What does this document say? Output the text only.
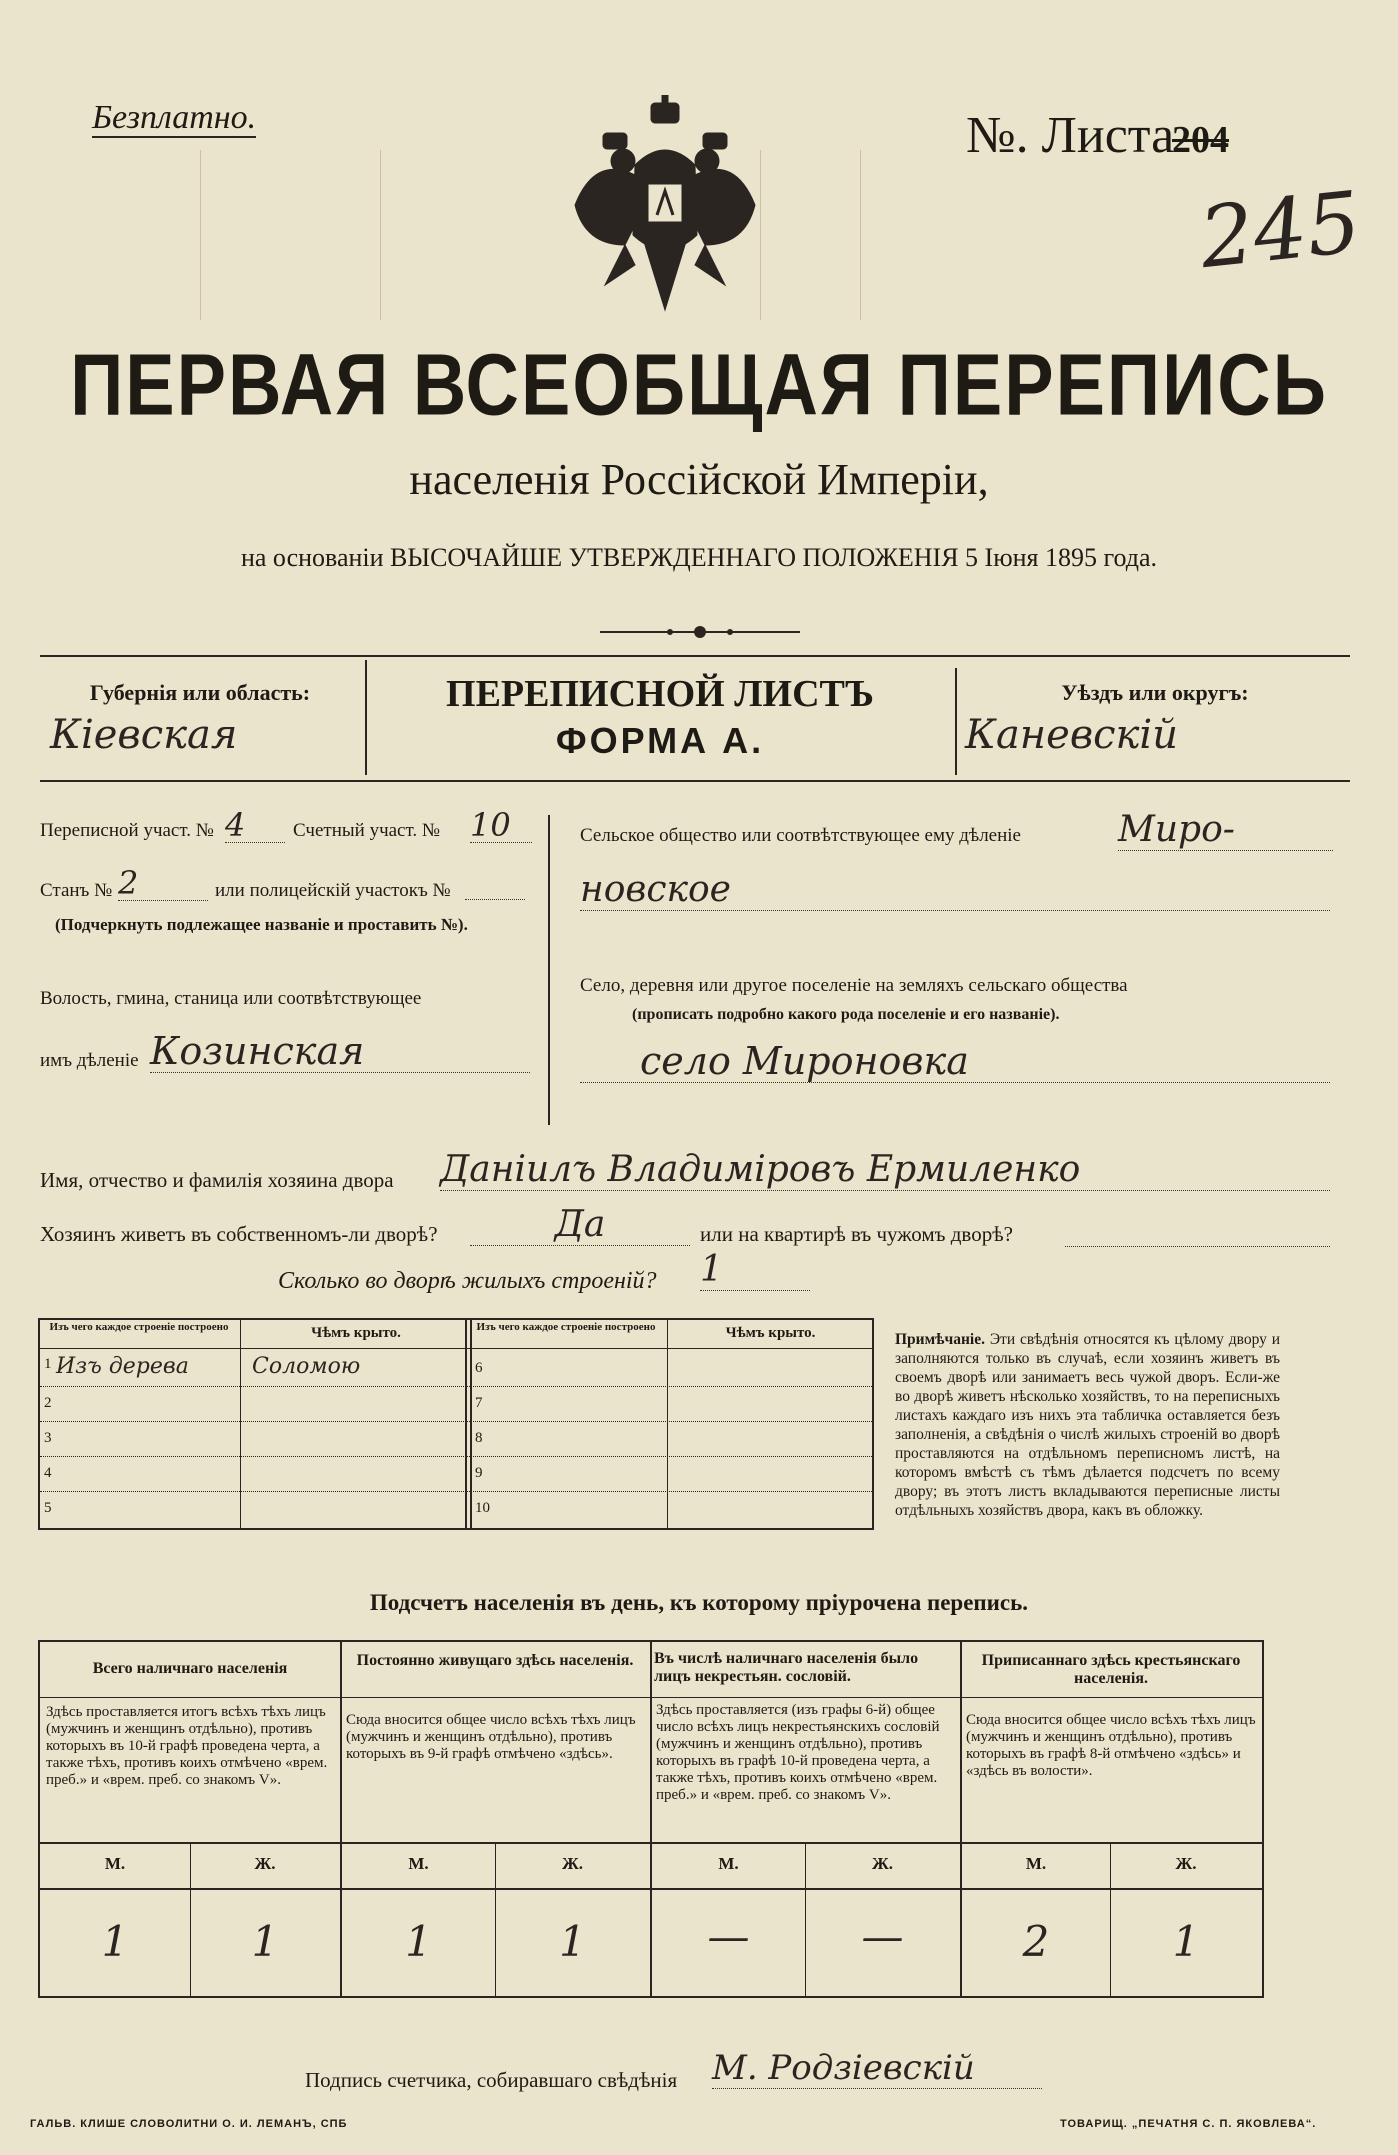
Безплатно.	№. Листа
204
245
ПЕРВАЯ ВСЕОБЩАЯ ПЕРЕПИСЬ
населенія Россійской Имперіи,
на основаніи ВЫСОЧАЙШЕ УТВЕРЖДЕННАГО ПОЛОЖЕНІЯ 5 Іюня 1895 года.
Губернія или область:
Кіевская
ПЕРЕПИСНОЙ ЛИСТЪ
ФОРМА А.
Уѣздъ или округъ:
Каневскій
Переписной участ. № 4	Счетный участ. № 10
Станъ № 2	или полицейскій участокъ №
(Подчеркнуть подлежащее названіе и проставить №).
Волость, гмина, станица или соотвѣтствующее
имъ дѣленіе Козинская
Сельское общество или соотвѣтствующее ему дѣленіе	Миро-
новское
Село, деревня или другое поселеніе на земляхъ сельскаго общества
(прописать подробно какого рода поселеніе и его названіе).
село Мироновка
Имя, отчество и фамилія хозяина двора Даніилъ Владиміровъ Ермиленко
Хозяинъ живетъ въ собственномъ-ли дворѣ?	Да	или на квартирѣ въ чужомъ дворѣ?
Сколько во дворѣ жилыхъ строеній? 1
Изъ чего каждое строеніе построено	Чѣмъ крыто.
1 Изъ дерева	Соломою
2
3
4
5
Изъ чего каждое строеніе построено	Чѣмъ крыто.
6
7
8
9
10
Примѣчаніе. Эти свѣдѣнія относятся къ цѣлому двору и заполняются только въ случаѣ, если хозяинъ живетъ въ своемъ дворѣ или занимаетъ весь чужой дворъ. Если-же во дворѣ живетъ нѣсколько хозяйствъ, то на переписныхъ листахъ каждаго изъ нихъ эта табличка оставляется безъ заполненія, а свѣдѣнія о числѣ жилыхъ строеній во дворѣ проставляются на отдѣльномъ переписномъ листѣ, на которомъ вмѣстѣ съ тѣмъ дѣлается подсчетъ по всему двору; въ этотъ листъ вкладываются переписные листы отдѣльныхъ хозяйствъ двора, какъ въ обложку.
Подсчетъ населенія въ день, къ которому пріурочена перепись.
Всего наличнаго населенія
Здѣсь проставляется итогъ всѣхъ тѣхъ лицъ (мужчинъ и женщинъ отдѣльно), противъ которыхъ въ 10-й графѣ проведена черта, а также тѣхъ, противъ коихъ отмѣчено «врем. преб.» и «врем. преб. со знакомъ V».
Постоянно живущаго здѣсь населенія.
Сюда вносится общее число всѣхъ тѣхъ лицъ (мужчинъ и женщинъ отдѣльно), противъ которыхъ въ 9-й графѣ отмѣчено «здѣсь».
Въ числѣ наличнаго населенія было лицъ некрестьян. сословій.
Здѣсь проставляется (изъ графы 6-й) общее число всѣхъ лицъ некрестьянскихъ сословій (мужчинъ и женщинъ отдѣльно), противъ которыхъ въ графѣ 10-й проведена черта, а также тѣхъ, противъ коихъ отмѣчено «врем. преб.» и «врем. преб. со знакомъ V».
Приписаннаго здѣсь крестьянскаго населенія.
Сюда вносится общее число всѣхъ тѣхъ лицъ (мужчинъ и женщинъ отдѣльно), противъ которыхъ въ графѣ 8-й отмѣчено «здѣсь» и «здѣсь въ волости».
М.	Ж.	М.	Ж.	М.	Ж.	М.	Ж.
1	1	1	1	—	—	2	1
Подпись счетчика, собиравшаго свѣдѣнія М. Родзіевскій
ГАЛЬВ. КЛИШЕ СЛОВОЛИТНИ О. И. ЛЕМАНЪ, СПБ	ТОВАРИЩ. „ПЕЧАТНЯ С. П. ЯКОВЛЕВА“.
